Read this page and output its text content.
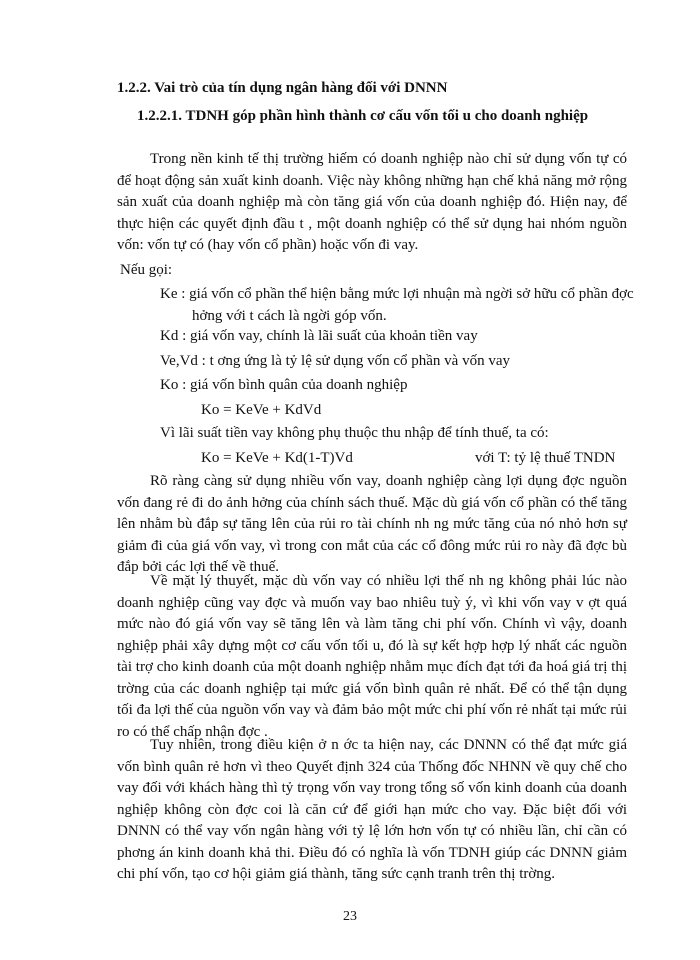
1.2.2. Vai trò của tín dụng ngân hàng đối với DNNN
1.2.2.1. TDNH góp phần hình thành cơ cấu vốn tối u cho doanh nghiệp

Trong nền kinh tế thị trường hiếm có doanh nghiệp nào chỉ sử dụng vốn tự có để hoạt động sản xuất kinh doanh. Việc này không những hạn chế khả năng mở rộng sản xuất của doanh nghiệp mà còn tăng giá vốn của doanh nghiệp đó. Hiện nay, để thực hiện các quyết định đầu t , một doanh nghiệp có thể sử dụng hai nhóm nguồn vốn: vốn tự có (hay vốn cổ phần) hoặc vốn đi vay.

Nếu gọi:

Ke : giá vốn cổ phần thể hiện bằng mức lợi nhuận mà ngời sở hữu cổ phần đợc hởng với t cách là ngời góp vốn.

Kd : giá vốn vay, chính là lãi suất của khoản tiền vay

Ve,Vd : t ơng ứng là tỷ lệ sử dụng vốn cổ phần và vốn vay

Ko : giá vốn bình quân của doanh nghiệp

Ko = KeVe + KdVd

Vì lãi suất tiền vay không phụ thuộc thu nhập để tính thuế, ta có:

Ko = KeVe + Kd(1-T)Vd	với T: tỷ lệ thuế TNDN

Rõ ràng càng sử dụng nhiều vốn vay, doanh nghiệp càng lợi dụng đợc nguồn vốn đang rẻ đi do ảnh hởng của chính sách thuế. Mặc dù giá vốn cổ phần có thể tăng lên nhằm bù đắp sự tăng lên của rủi ro tài chính nh ng mức tăng của nó nhỏ hơn sự giảm đi của giá vốn vay, vì trong con mắt của các cổ đông mức rủi ro này đã đợc bù đắp bởi các lợi thế về thuế.

Về mặt lý thuyết, mặc dù vốn vay có nhiều lợi thế nh ng không phải lúc nào doanh nghiệp cũng vay đợc và muốn vay bao nhiêu tuỳ ý, vì khi vốn vay v ợt quá mức nào đó giá vốn vay sẽ tăng lên và làm tăng chi phí vốn. Chính vì vậy, doanh nghiệp phải xây dựng một cơ cấu vốn tối u, đó là sự kết hợp hợp lý nhất các nguồn tài trợ cho kinh doanh của một doanh nghiệp nhằm mục đích đạt tới đa hoá giá trị thị trờng của các doanh nghiệp tại mức giá vốn bình quân rẻ nhất. Để có thể tận dụng tối đa lợi thế của nguồn vốn vay và đảm bảo một mức chi phí vốn rẻ nhất tại mức rủi ro có thể chấp nhận đợc .

Tuy nhiên, trong điều kiện ở n ớc ta hiện nay, các DNNN có thể đạt mức giá vốn bình quân rẻ hơn vì theo Quyết định 324 của Thống đốc NHNN về quy chế cho vay đối với khách hàng thì tỷ trọng vốn vay trong tổng số vốn kinh doanh của doanh nghiệp không còn đợc coi là căn cứ để giới hạn mức cho vay. Đặc biệt đối với DNNN có thể vay vốn ngân hàng với tỷ lệ lớn hơn vốn tự có nhiều lần, chỉ cần có phơng án kinh doanh khả thi. Điều đó có nghĩa là vốn TDNH giúp các DNNN giảm chi phí vốn, tạo cơ hội giảm giá thành, tăng sức cạnh tranh trên thị trờng.

23
